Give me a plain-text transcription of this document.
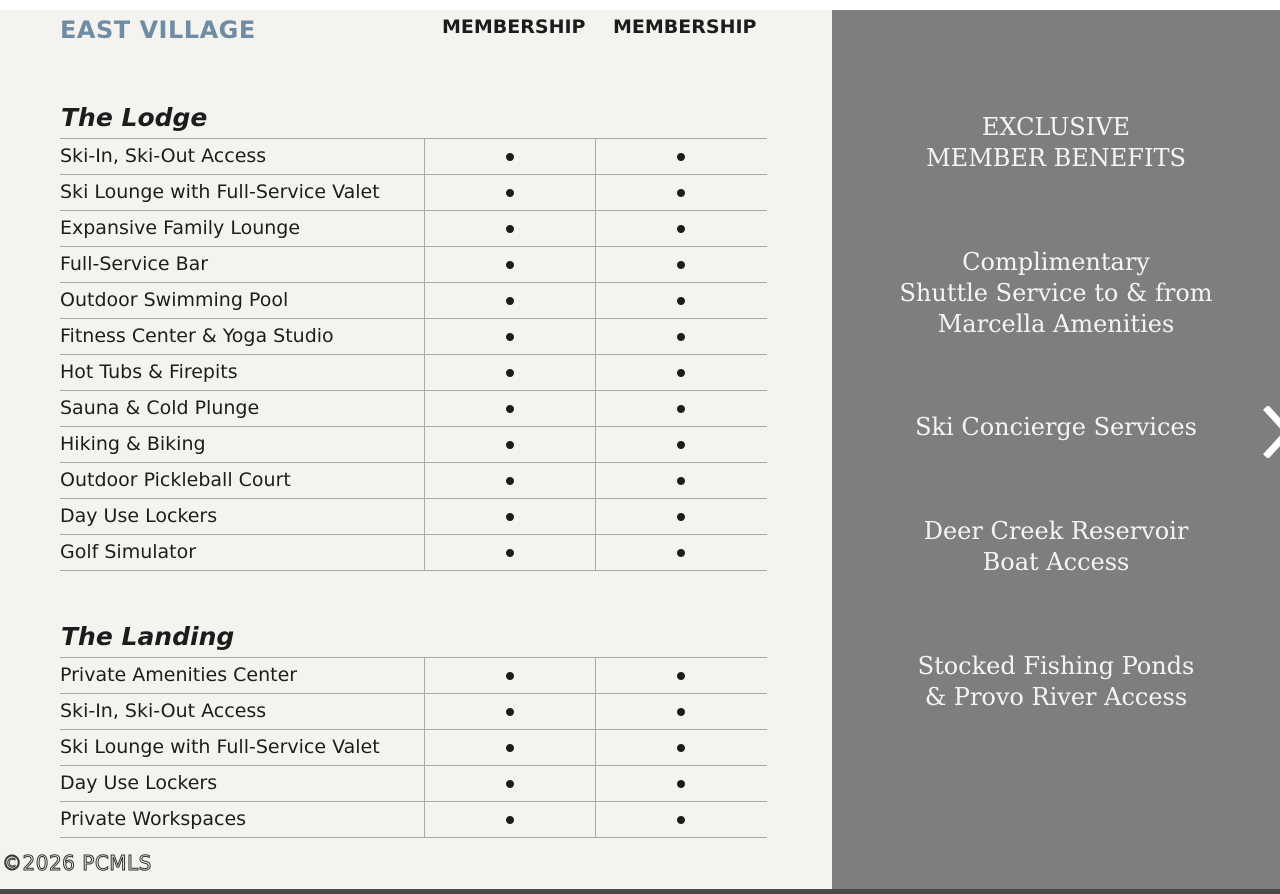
EAST VILLAGE	MEMBERSHIP MEMBERSHIP
The Lodge
Ski-In, Ski-Out Access
Ski Lounge with Full-Service Valet
Expansive Family Lounge
Full-Service Bar
Outdoor Swimming Pool
Fitness Center & Yoga Studio
Hot Tubs & Firepits
Sauna & Cold Plunge
Hiking & Biking
Outdoor Pickleball Court
Day Use Lockers
Golf Simulator
The Landing
Private Amenities Center
Ski-In, Ski-Out Access
Ski Lounge with Full-Service Valet
Day Use Lockers
Private Workspaces
©2026 PCMLS
EXCLUSIVE
MEMBER BENEFITS
Complimentary
Shuttle Service to & from
Marcella Amenities
Ski Concierge Services
Deer Creek Reservoir
Boat Access
Stocked Fishing Ponds
& Provo River Access
